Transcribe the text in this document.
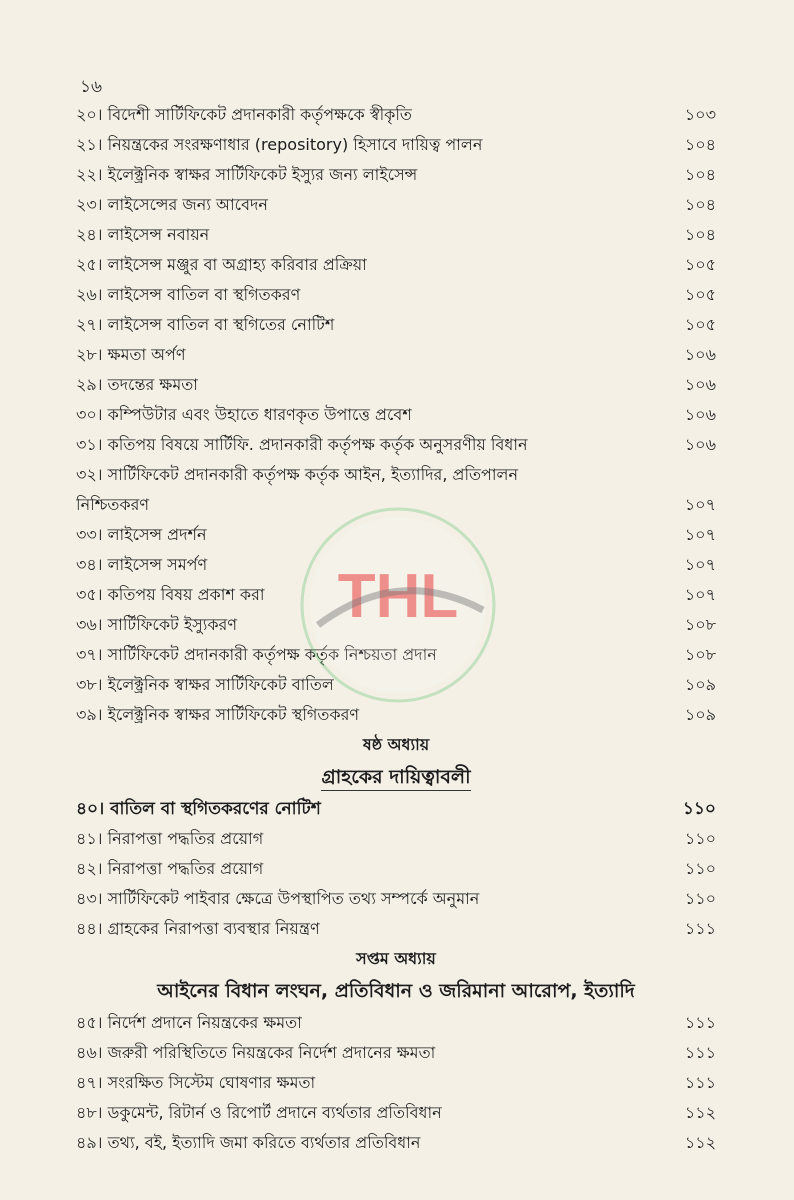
১৬
২০। বিদেশী সার্টিফিকেট প্রদানকারী কর্তৃপক্ষকে স্বীকৃতি	১০৩
২১। নিয়ন্ত্রকের সংরক্ষণাধার (repository) হিসাবে দায়িত্ব পালন	১০৪
২২। ইলেক্ট্রনিক স্বাক্ষর সার্টিফিকেট ইস্যুর জন্য লাইসেন্স	১০৪
২৩। লাইসেন্সের জন্য আবেদন	১০৪
২৪। লাইসেন্স নবায়ন	১০৪
২৫। লাইসেন্স মঞ্জুর বা অগ্রাহ্য করিবার প্রক্রিয়া	১০৫
২৬। লাইসেন্স বাতিল বা স্থগিতকরণ	১০৫
২৭। লাইসেন্স বাতিল বা স্থগিতের নোটিশ	১০৫
২৮। ক্ষমতা অর্পণ	১০৬
২৯। তদন্তের ক্ষমতা	১০৬
৩০। কম্পিউটার এবং উহাতে ধারণকৃত উপাত্তে প্রবেশ	১০৬
৩১। কতিপয় বিষয়ে সার্টিফি. প্রদানকারী কর্তৃপক্ষ কর্তৃক অনুসরণীয় বিধান	১০৬
৩২। সার্টিফিকেট প্রদানকারী কর্তৃপক্ষ কর্তৃক আইন, ইত্যাদির, প্রতিপালন
নিশ্চিতকরণ	১০৭
৩৩। লাইসেন্স প্রদর্শন	১০৭
৩৪। লাইসেন্স সমর্পণ	১০৭
৩৫। কতিপয় বিষয় প্রকাশ করা	১০৭
৩৬। সার্টিফিকেট ইস্যুকরণ	১০৮
৩৭। সার্টিফিকেট প্রদানকারী কর্তৃপক্ষ কর্তৃক নিশ্চয়তা প্রদান	১০৮
৩৮। ইলেক্ট্রনিক স্বাক্ষর সার্টিফিকেট বাতিল	১০৯
৩৯। ইলেক্ট্রনিক স্বাক্ষর সার্টিফিকেট স্থগিতকরণ	১০৯
ষষ্ঠ অধ্যায়
গ্রাহকের দায়িত্বাবলী
৪০। বাতিল বা স্থগিতকরণের নোটিশ	১১০
৪১। নিরাপত্তা পদ্ধতির প্রয়োগ	১১০
৪২। নিরাপত্তা পদ্ধতির প্রয়োগ	১১০
৪৩। সার্টিফিকেট পাইবার ক্ষেত্রে উপস্থাপিত তথ্য সম্পর্কে অনুমান	১১০
৪৪। গ্রাহকের নিরাপত্তা ব্যবস্থার নিয়ন্ত্রণ	১১১
সপ্তম অধ্যায়
আইনের বিধান লংঘন, প্রতিবিধান ও জরিমানা আরোপ, ইত্যাদি
৪৫। নির্দেশ প্রদানে নিয়ন্ত্রকের ক্ষমতা	১১১
৪৬। জরুরী পরিস্থিতিতে নিয়ন্ত্রকের নির্দেশ প্রদানের ক্ষমতা	১১১
৪৭। সংরক্ষিত সিস্টেম ঘোষণার ক্ষমতা	১১১
৪৮। ডকুমেন্ট, রিটার্ন ও রিপোর্ট প্রদানে ব্যর্থতার প্রতিবিধান	১১২
৪৯। তথ্য, বই, ইত্যাদি জমা করিতে ব্যর্থতার প্রতিবিধান	১১২
THL
